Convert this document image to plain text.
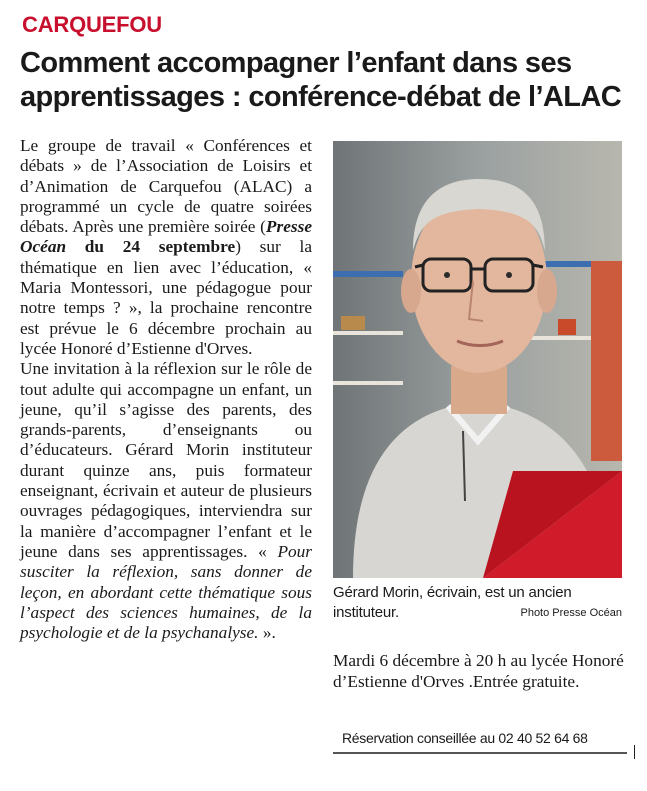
CARQUEFOU
Comment accompagner l’enfant dans ses apprentissages : conférence-débat de l’ALAC

Le groupe de travail « Conférences et débats » de l’Association de Loisirs et d’Animation de Carquefou (ALAC) a programmé un cycle de quatre soirées débats. Après une première soirée (Presse Océan du 24 septembre) sur la thématique en lien avec l’éducation, « Maria Montessori, une pédagogue pour notre temps ? », la prochaine rencontre est prévue le 6 décembre prochain au lycée Honoré d’Estienne d'Orves.

Une invitation à la réflexion sur le rôle de tout adulte qui accompagne un enfant, un jeune, qu’il s’agisse des parents, des grands-parents, d’enseignants ou d’éducateurs. Gérard Morin instituteur durant quinze ans, puis formateur enseignant, écrivain et auteur de plusieurs ouvrages pédagogiques, interviendra sur la manière d’accompagner l’enfant et le jeune dans ses apprentissages. « Pour susciter la réflexion, sans donner de leçon, en abordant cette thématique sous l’aspect des sciences humaines, de la psychologie et de la psychanalyse. ».

Gérard Morin, écrivain, est un ancien instituteur.	Photo Presse Océan
Mardi 6 décembre à 20 h au lycée Honoré d’Estienne d'Orves .Entrée gratuite.
Réservation conseillée au 02 40 52 64 68
